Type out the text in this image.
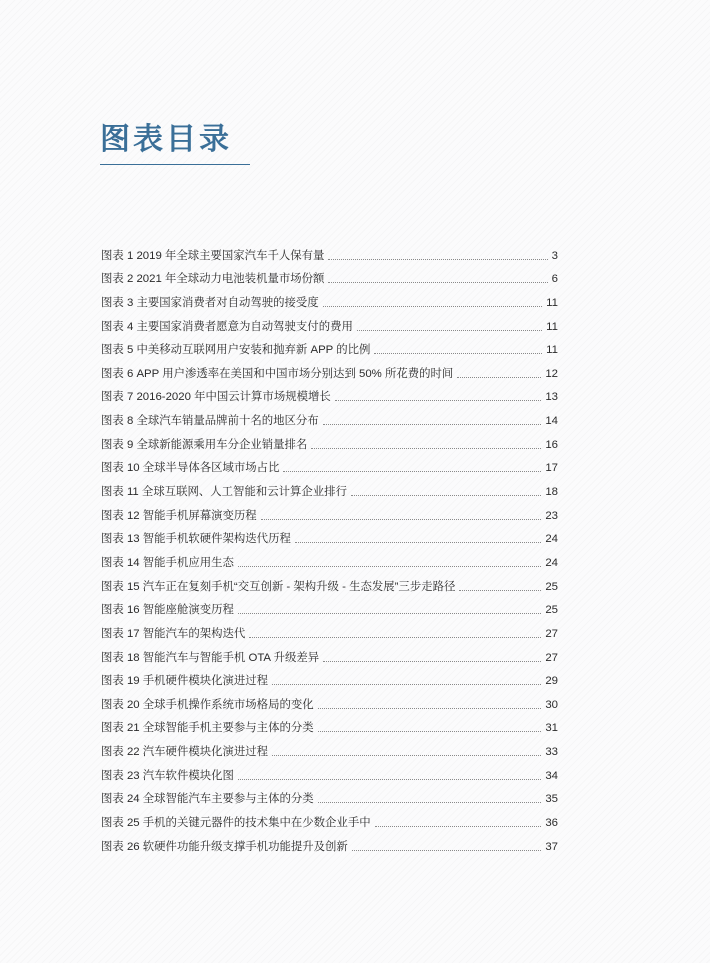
图表目录
图表 1 2019 年全球主要国家汽车千人保有量	3
图表 2 2021 年全球动力电池装机量市场份额	6
图表 3 主要国家消费者对自动驾驶的接受度	11
图表 4 主要国家消费者愿意为自动驾驶支付的费用	11
图表 5 中美移动互联网用户安装和抛弃新 APP 的比例	11
图表 6 APP 用户渗透率在美国和中国市场分别达到 50% 所花费的时间	12
图表 7 2016-2020 年中国云计算市场规模增长	13
图表 8 全球汽车销量品牌前十名的地区分布	14
图表 9 全球新能源乘用车分企业销量排名	16
图表 10 全球半导体各区域市场占比	17
图表 11 全球互联网、人工智能和云计算企业排行	18
图表 12 智能手机屏幕演变历程	23
图表 13 智能手机软硬件架构迭代历程	24
图表 14 智能手机应用生态	24
图表 15 汽车正在复刻手机“交互创新 - 架构升级 - 生态发展”三步走路径	25
图表 16 智能座舱演变历程	25
图表 17 智能汽车的架构迭代	27
图表 18 智能汽车与智能手机 OTA 升级差异	27
图表 19 手机硬件模块化演进过程	29
图表 20 全球手机操作系统市场格局的变化	30
图表 21 全球智能手机主要参与主体的分类	31
图表 22 汽车硬件模块化演进过程	33
图表 23 汽车软件模块化图	34
图表 24 全球智能汽车主要参与主体的分类	35
图表 25 手机的关键元器件的技术集中在少数企业手中	36
图表 26 软硬件功能升级支撑手机功能提升及创新	37
